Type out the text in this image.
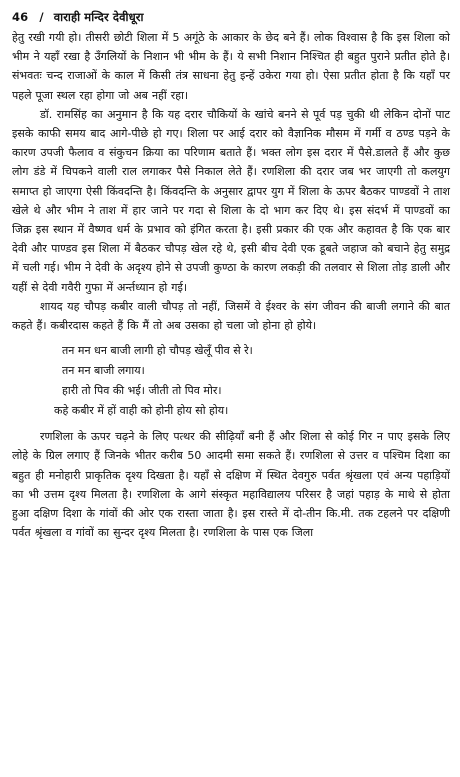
46 / वाराही मन्दिर देवीधूरा

हेतु रखी गयी हो। तीसरी छोटी शिला में 5 अगूंठे के आकार के छेद बने हैं। लोक विश्वास है कि इस शिला को भीम ने यहाँ रखा है उँगलियों के निशान भी भीम के हैं। ये सभी निशान निश्चित ही बहुत पुराने प्रतीत होते है। संभवतः चन्द राजाओं के काल में किसी तंत्र साधना हेतु इन्हें उकेरा गया हो। ऐसा प्रतीत होता है कि यहाँ पर पहले पूजा स्थल रहा होगा जो अब नहीं रहा।

डॉ. रामसिंह का अनुमान है कि यह दरार चौकियों के खांचे बनने से पूर्व पड़ चुकी थी लेकिन दोनों पाट इसके काफी समय बाद आगे-पीछे हो गए। शिला पर आई दरार को वैज्ञानिक मौसम में गर्मी व ठण्ड पड़ने के कारण उपजी फैलाव व संकुचन क्रिया का परिणाम बताते हैं। भक्त लोग इस दरार में पैसे.डालते हैं और कुछ लोग डंडे में चिपकने वाली राल लगाकर पैसे निकाल लेते हैं। रणशिला की दरार जब भर जाएगी तो कलयुग समाप्त हो जाएगा ऐसी किंवदन्ति है। किंवदन्ति के अनुसार द्वापर युग में शिला के ऊपर बैठकर पाण्डवों ने ताश खेले थे और भीम ने ताश में हार जाने पर गदा से शिला के दो भाग कर दिए थे। इस संदर्भ में पाण्डवों का जिक्र इस स्थान में वैष्णव धर्म के प्रभाव को इंगित करता है। इसी प्रकार की एक और कहावत है कि एक बार देवी और पाण्डव इस शिला में बैठकर चौपड़ खेल रहे थे, इसी बीच देवी एक डूबते जहाज को बचाने हेतु समुद्र में चली गई। भीम ने देवी के अदृश्य होने से उपजी कुण्ठा के कारण लकड़ी की तलवार से शिला तोड़ डाली और यहीं से देवी गवैरी गुफा में अर्न्तध्यान हो गई।

शायद यह चौपड़ कबीर वाली चौपड़ तो नहीं, जिसमें वे ईश्वर के संग जीवन की बाजी लगाने की बात कहते हैं। कबीरदास कहते हैं कि मैं तो अब उसका हो चला जो होना हो होये।

तन मन धन बाजी लागी हो चौपड़ खेलूँ पीव से रे।
तन मन बाजी लगाय।
हारी तो पिव की भई। जीती तो पिव मोर।
कहे कबीर में हों वाही को होनी होय सो होय।

रणशिला के ऊपर चढ़ने के लिए पत्थर की सीढ़ियाँ बनी हैं और शिला से कोई गिर न पाए इसके लिए लोहे के ग्रिल लगाए हैं जिनके भीतर करीब 50 आदमी समा सकते हैं। रणशिला से उत्तर व पश्चिम दिशा का बहुत ही मनोहारी प्राकृतिक दृश्य दिखता है। यहाँ से दक्षिण में स्थित देवगुरु पर्वत श्रृंखला एवं अन्य पहाड़ियों का भी उत्तम दृश्य मिलता है। रणशिला के आगे संस्कृत महाविद्यालय परिसर है जहां पहाड़ के माथे से होता हुआ दक्षिण दिशा के गांवों की ओर एक रास्ता जाता है। इस रास्ते में दो-तीन कि.मी. तक टहलने पर दक्षिणी पर्वत श्रृंखला व गांवों का सुन्दर दृश्य मिलता है। रणशिला के पास एक जिला
